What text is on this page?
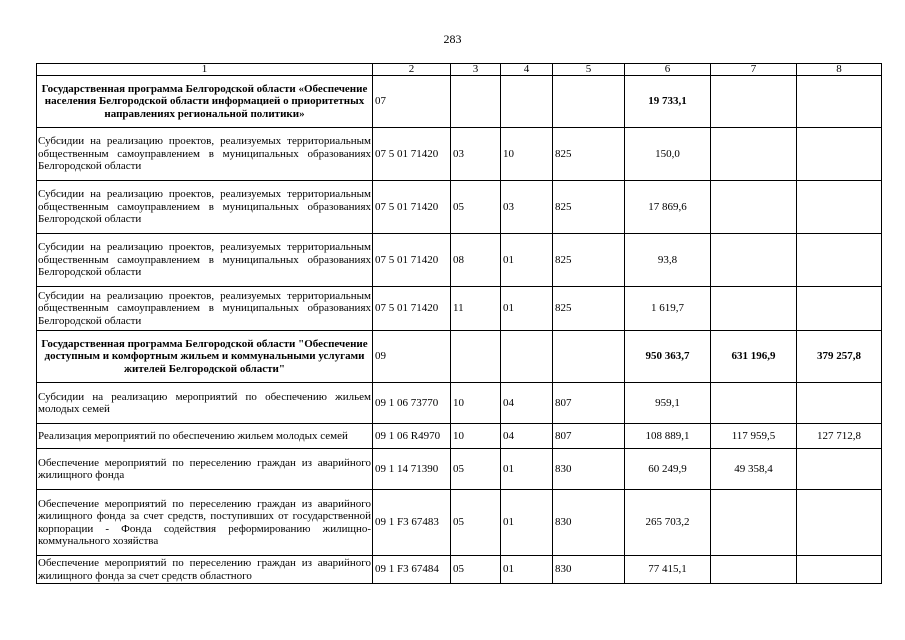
283
1	2	3	4	5	6	7	8
Государственная программа Белгородской области «Обеспечение населения Белгородской области информацией о приоритетных направлениях региональной политики»	07				19 733,1		
Субсидии на реализацию проектов, реализуемых территориальным общественным самоуправлением в муниципальных образованиях Белгородской области	07 5 01 71420	03	10	825	150,0		
Субсидии на реализацию проектов, реализуемых территориальным общественным самоуправлением в муниципальных образованиях Белгородской области	07 5 01 71420	05	03	825	17 869,6		
Субсидии на реализацию проектов, реализуемых территориальным общественным самоуправлением в муниципальных образованиях Белгородской области	07 5 01 71420	08	01	825	93,8		
Субсидии на реализацию проектов, реализуемых территориальным общественным самоуправлением в муниципальных образованиях Белгородской области	07 5 01 71420	11	01	825	1 619,7		
Государственная программа Белгородской области "Обеспечение доступным и комфортным жильем и коммунальными услугами жителей Белгородской области"	09				950 363,7	631 196,9	379 257,8
Субсидии на реализацию мероприятий по обеспечению жильем молодых семей	09 1 06 73770	10	04	807	959,1		
Реализация мероприятий по обеспечению жильем молодых семей	09 1 06 R4970	10	04	807	108 889,1	117 959,5	127 712,8
Обеспечение мероприятий по переселению граждан из аварийного жилищного фонда	09 1 14 71390	05	01	830	60 249,9	49 358,4	
Обеспечение мероприятий по переселению граждан из аварийного жилищного фонда за счет средств, поступивших от государственной корпорации - Фонда содействия реформированию жилищно-коммунального хозяйства	09 1 F3 67483	05	01	830	265 703,2		
Обеспечение мероприятий по переселению граждан из аварийного жилищного фонда за счет средств областного	09 1 F3 67484	05	01	830	77 415,1		
